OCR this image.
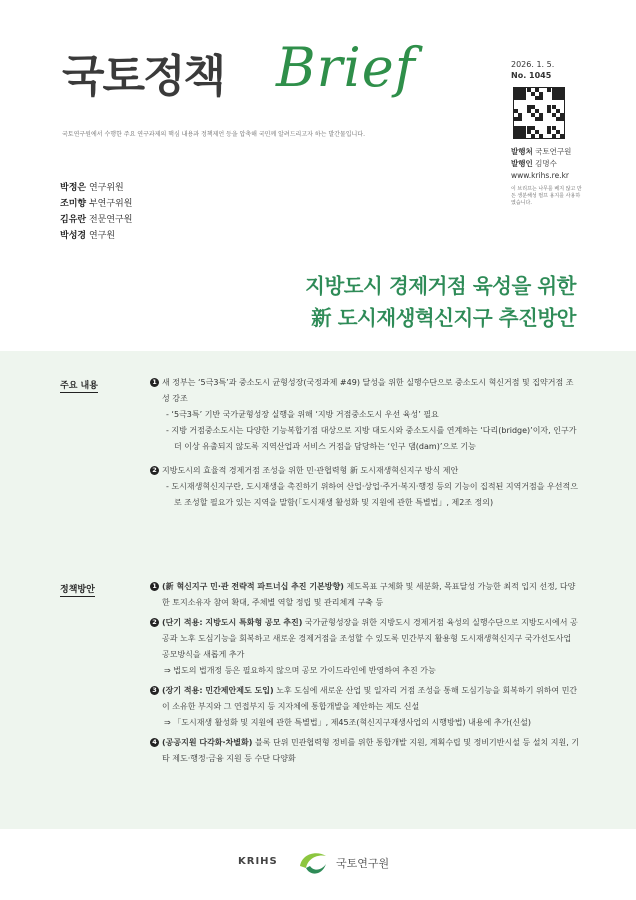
국토정책 Brief
국토연구원에서 수행한 주요 연구과제의 핵심 내용과 정책제언 등을 압축해 국민께 알려드리고자 하는 발간물입니다.
2026. 1. 5.
No. 1045
발행처 국토연구원
발행인 김명수
www.krihs.re.kr
이 브리프는 나무를 베지 않고 만든 생분해성 펄프 용지를 사용하였습니다.
박정은 연구위원
조미향 부연구위원
김유란 전문연구원
박성경 연구원
지방도시 경제거점 육성을 위한
新 도시재생혁신지구 추진방안
주요 내용	1 새 정부는 ‘5극3특’과 중소도시 균형성장(국정과제 #49) 달성을 위한 실행수단으로 중소도시 혁신거점 및 집약거점 조성 강조
- ‘5극3특’ 기반 국가균형성장 실행을 위해 ‘지방 거점중소도시 우선 육성’ 필요
- 지방 거점중소도시는 다양한 기능복합기점 대상으로 지방 대도시와 중소도시를 연계하는 ‘다리(bridge)’이자, 인구가 더 이상 유출되지 않도록 지역산업과 서비스 거점을 담당하는 ‘인구 댐(dam)’으로 기능
2 지방도시의 효율적 경제거점 조성을 위한 민·관협력형 新 도시재생혁신지구 방식 제안
- 도시재생혁신지구란, 도시재생을 촉진하기 위하여 산업·상업·주거·복지·행정 등의 기능이 집적된 지역거점을 우선적으로 조성할 필요가 있는 지역을 말함(「도시재생 활성화 및 지원에 관한 특별법」, 제2조 정의)
정책방안	1 (新 혁신지구 민·관 전략적 파트너십 추진 기본방향) 제도목표 구체화 및 세분화, 목표달성 가능한 최적 입지 선정, 다양한 토지소유자 참여 확대, 주체별 역할 정립 및 관리체계 구축 등
2 (단기 적용: 지방도시 특화형 공모 추진) 국가균형성장을 위한 지방도시 경제거점 육성의 실행수단으로 지방도시에서 공공과 노후 도심기능을 회복하고 새로운 경제거점을 조성할 수 있도록 민간부지 활용형 도시재생혁신지구 국가선도사업 공모방식을 새롭게 추가
⇒ 법도의 법개정 등은 필요하지 않으며 공모 가이드라인에 반영하여 추진 가능
3 (장기 적용: 민간제안제도 도입) 노후 도심에 새로운 산업 및 일자리 거점 조성을 통해 도심기능을 회복하기 위하여 민간이 소유한 부지와 그 연접부지 등 지자체에 통합개발을 제안하는 제도 신설
⇒ 「도시재생 활성화 및 지원에 관한 특별법」, 제45조(혁신지구재생사업의 시행방법) 내용에 추가(신설)
4 (공공지원 다각화·차별화) 블록 단위 민관협력형 정비를 위한 통합개발 지원, 계획수립 및 정비기반시설 등 설치 지원, 기타 제도·행정·금융 지원 등 수단 다양화
KRIHS	국토연구원
